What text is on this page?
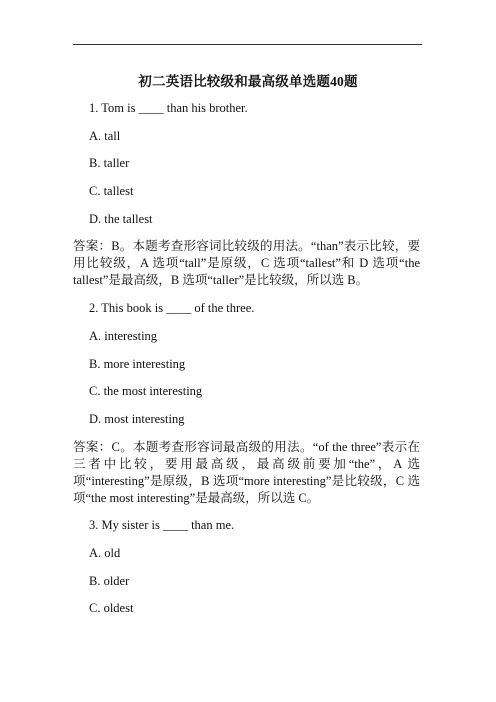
初二英语比较级和最高级单选题40题
1. Tom is ____ than his brother.
A. tall
B. taller
C. tallest
D. the tallest
答案：B。本题考查形容词比较级的用法。“than”表示比较，要用比较级，A 选项“tall”是原级，C 选项“tallest”和 D 选项“the tallest”是最高级，B 选项“taller”是比较级，所以选 B。
2. This book is ____ of the three.
A. interesting
B. more interesting
C. the most interesting
D. most interesting
答案：C。本题考查形容词最高级的用法。“of the three”表示在三者中比较，要用最高级，最高级前要加“the”，A 选项“interesting”是原级，B 选项“more interesting”是比较级，C 选项“the most interesting”是最高级，所以选 C。
3. My sister is ____ than me.
A. old
B. older
C. oldest
